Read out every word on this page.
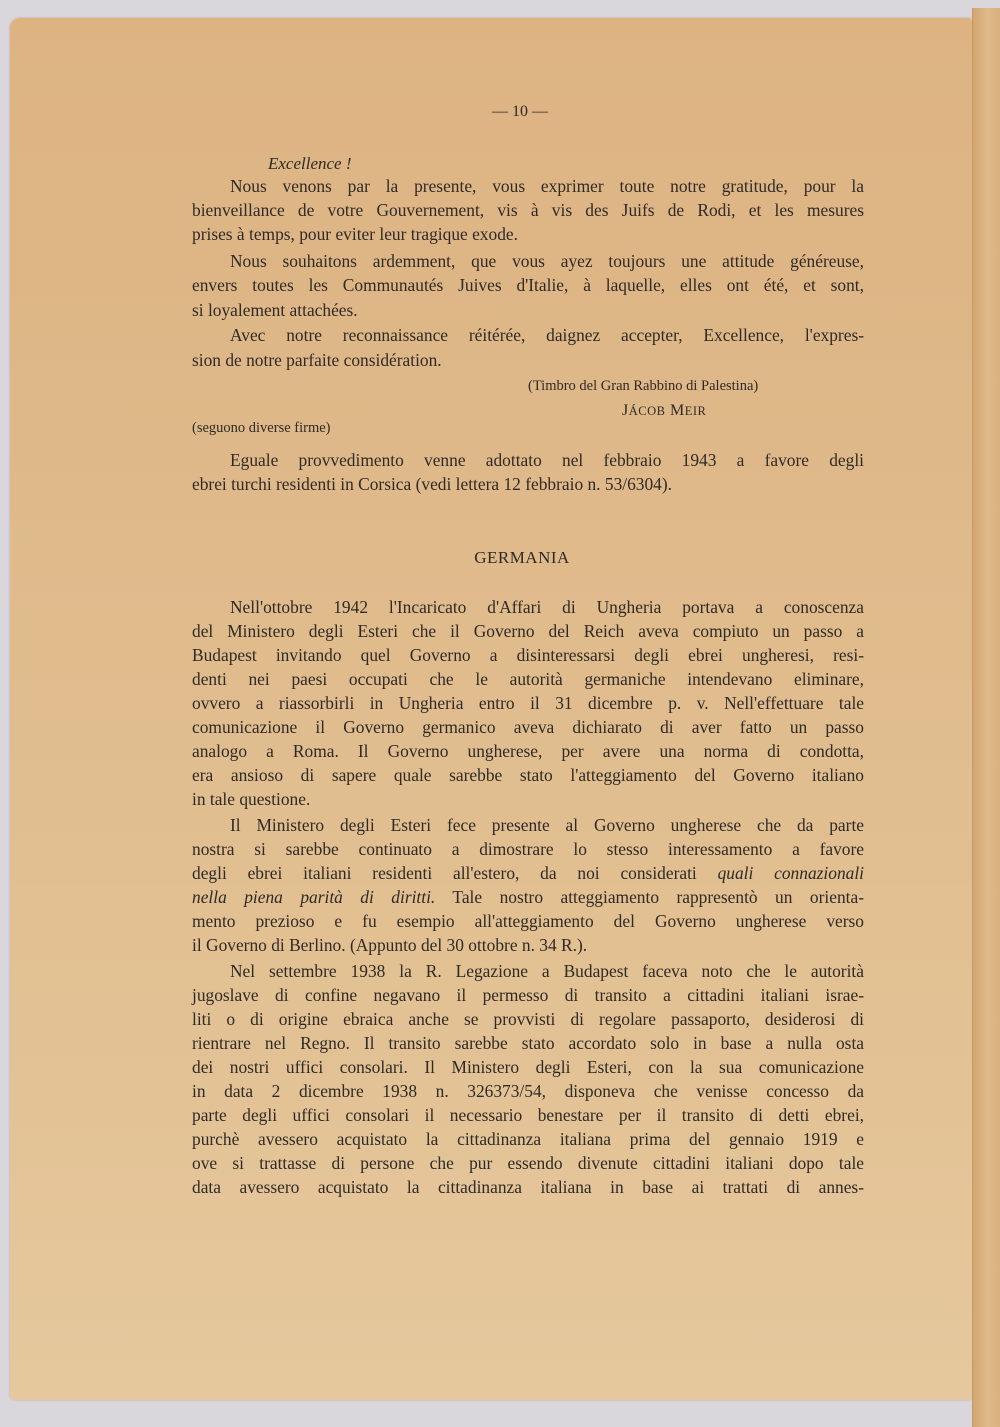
— 10 —
Excellence !
Nous venons par la presente, vous exprimer toute notre gratitude, pour la
bienveillance de votre Gouvernement, vis à vis des Juifs de Rodi, et les mesures
prises à temps, pour eviter leur tragique exode.
Nous souhaitons ardemment, que vous ayez toujours une attitude généreuse,
envers toutes les Communautés Juives d'Italie, à laquelle, elles ont été, et sont,
si loyalement attachées.
Avec notre reconnaissance réitérée, daignez accepter, Excellence, l'expres-
sion de notre parfaite considération.
(Timbro del Gran Rabbino di Palestina)
JÁCOB MEIR
(seguono diverse firme)
Eguale provvedimento venne adottato nel febbraio 1943 a favore degli
ebrei turchi residenti in Corsica (vedi lettera 12 febbraio n. 53/6304).
GERMANIA
Nell'ottobre 1942 l'Incaricato d'Affari di Ungheria portava a conoscenza
del Ministero degli Esteri che il Governo del Reich aveva compiuto un passo a
Budapest invitando quel Governo a disinteressarsi degli ebrei ungheresi, resi-
denti nei paesi occupati che le autorità germaniche intendevano eliminare,
ovvero a riassorbirli in Ungheria entro il 31 dicembre p. v. Nell'effettuare tale
comunicazione il Governo germanico aveva dichiarato di aver fatto un passo
analogo a Roma. Il Governo ungherese, per avere una norma di condotta,
era ansioso di sapere quale sarebbe stato l'atteggiamento del Governo italiano
in tale questione.
Il Ministero degli Esteri fece presente al Governo ungherese che da parte
nostra si sarebbe continuato a dimostrare lo stesso interessamento a favore
degli ebrei italiani residenti all'estero, da noi considerati quali connazionali
nella piena parità di diritti. Tale nostro atteggiamento rappresentò un orienta-
mento prezioso e fu esempio all'atteggiamento del Governo ungherese verso
il Governo di Berlino. (Appunto del 30 ottobre n. 34 R.).
Nel settembre 1938 la R. Legazione a Budapest faceva noto che le autorità
jugoslave di confine negavano il permesso di transito a cittadini italiani israe-
liti o di origine ebraica anche se provvisti di regolare passaporto, desiderosi di
rientrare nel Regno. Il transito sarebbe stato accordato solo in base a nulla osta
dei nostri uffici consolari. Il Ministero degli Esteri, con la sua comunicazione
in data 2 dicembre 1938 n. 326373/54, disponeva che venisse concesso da
parte degli uffici consolari il necessario benestare per il transito di detti ebrei,
purchè avessero acquistato la cittadinanza italiana prima del gennaio 1919 e
ove si trattasse di persone che pur essendo divenute cittadini italiani dopo tale
data avessero acquistato la cittadinanza italiana in base ai trattati di annes-
